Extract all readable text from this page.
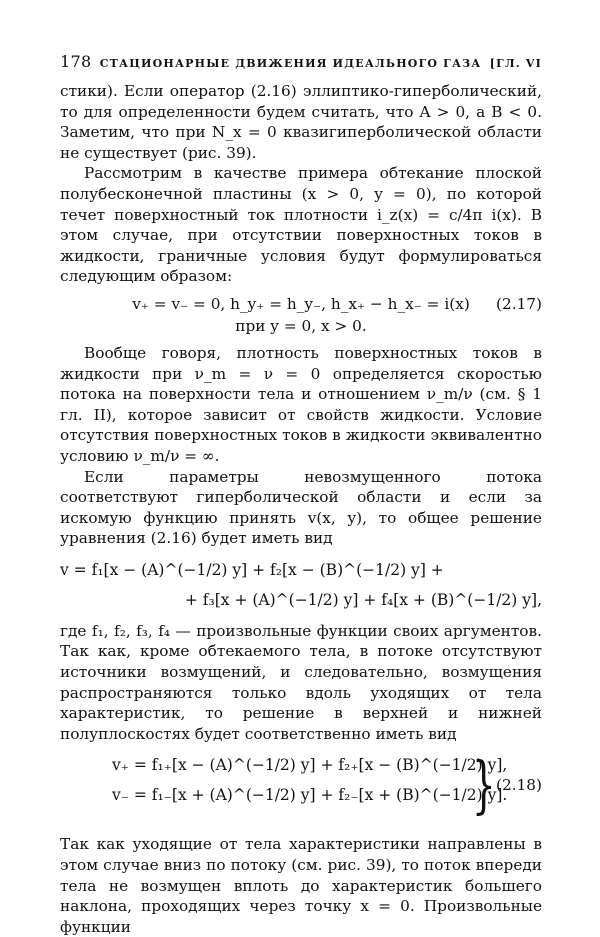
178 СТАЦИОНАРНЫЕ ДВИЖЕНИЯ ИДЕАЛЬНОГО ГАЗА [ГЛ. VI

стики). Если оператор (2.16) эллиптико-гиперболический, то для определенности будем считать, что A > 0, а B < 0. Заметим, что при N_x = 0 квазигиперболической области не существует (рис. 39).

Рассмотрим в качестве примера обтекание плоской полубесконечной пластины (x > 0, y = 0), по которой течет поверхностный ток плотности i_z(x) = c/4π i(x). В этом случае, при отсутствии поверхностных токов в жидкости, граничные условия будут формулироваться следующим образом:

v₊ = v₋ = 0, h_y₊ = h_y₋, h_x₊ − h_x₋ = i(x) (2.17)
при y = 0, x > 0.

Вообще говоря, плотность поверхностных токов в жидкости при ν_m = ν = 0 определяется скоростью потока на поверхности тела и отношением ν_m/ν (см. § 1 гл. II), которое зависит от свойств жидкости. Условие отсутствия поверхностных токов в жидкости эквивалентно условию ν_m/ν = ∞.

Если параметры невозмущенного потока соответствуют гиперболической области и если за искомую функцию принять v(x, y), то общее решение уравнения (2.16) будет иметь вид

v = f₁[x − (A)^(−1/2) y] + f₂[x − (B)^(−1/2) y] +
+ f₃[x + (A)^(−1/2) y] + f₄[x + (B)^(−1/2) y],

где f₁, f₂, f₃, f₄ — произвольные функции своих аргументов. Так как, кроме обтекаемого тела, в потоке отсутствуют источники возмущений, и следовательно, возмущения распространяются только вдоль уходящих от тела характеристик, то решение в верхней и нижней полуплоскостях будет соответственно иметь вид

v₊ = f₁₊[x − (A)^(−1/2) y] + f₂₊[x − (B)^(−1/2) y],
v₋ = f₁₋[x + (A)^(−1/2) y] + f₂₋[x + (B)^(−1/2) y].
} (2.18)

Так как уходящие от тела характеристики направлены в этом случае вниз по потоку (см. рис. 39), то поток впереди тела не возмущен вплоть до характеристик большего наклона, проходящих через точку x = 0. Произвольные функции
